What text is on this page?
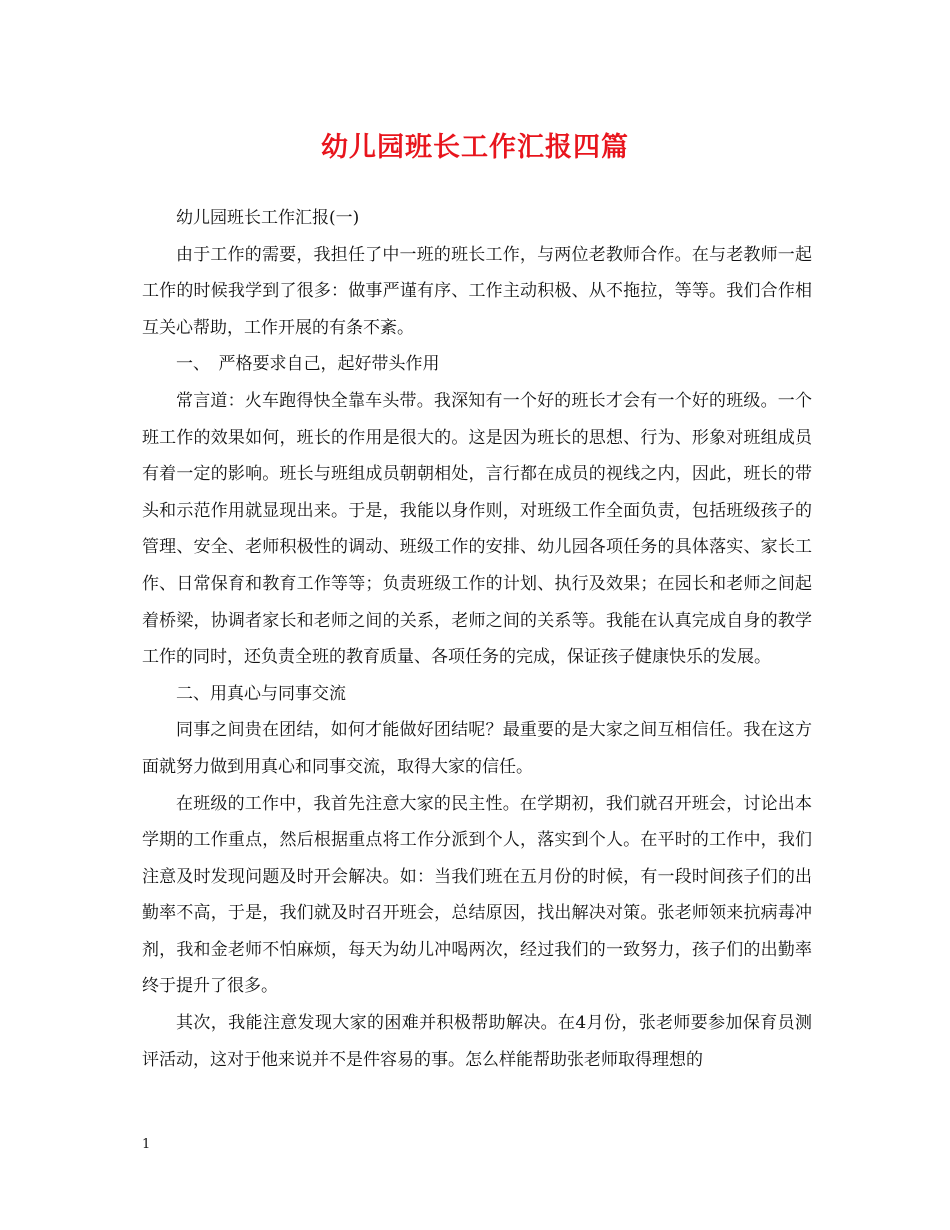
幼儿园班长工作汇报四篇

幼儿园班长工作汇报(一)

由于工作的需要，我担任了中一班的班长工作，与两位老教师合作。在与老教师一起工作的时候我学到了很多：做事严谨有序、工作主动积极、从不拖拉，等等。我们合作相互关心帮助，工作开展的有条不紊。

一、　严格要求自己，起好带头作用

常言道：火车跑得快全靠车头带。我深知有一个好的班长才会有一个好的班级。一个班工作的效果如何，班长的作用是很大的。这是因为班长的思想、行为、形象对班组成员有着一定的影响。班长与班组成员朝朝相处，言行都在成员的视线之内，因此，班长的带头和示范作用就显现出来。于是，我能以身作则，对班级工作全面负责，包括班级孩子的管理、安全、老师积极性的调动、班级工作的安排、幼儿园各项任务的具体落实、家长工作、日常保育和教育工作等等；负责班级工作的计划、执行及效果；在园长和老师之间起着桥梁，协调者家长和老师之间的关系，老师之间的关系等。我能在认真完成自身的教学工作的同时，还负责全班的教育质量、各项任务的完成，保证孩子健康快乐的发展。

二、用真心与同事交流

同事之间贵在团结，如何才能做好团结呢？最重要的是大家之间互相信任。我在这方面就努力做到用真心和同事交流，取得大家的信任。

在班级的工作中，我首先注意大家的民主性。在学期初，我们就召开班会，讨论出本学期的工作重点，然后根据重点将工作分派到个人，落实到个人。在平时的工作中，我们注意及时发现问题及时开会解决。如：当我们班在五月份的时候，有一段时间孩子们的出勤率不高，于是，我们就及时召开班会，总结原因，找出解决对策。张老师领来抗病毒冲剂，我和金老师不怕麻烦，每天为幼儿冲喝两次，经过我们的一致努力，孩子们的出勤率终于提升了很多。

其次，我能注意发现大家的困难并积极帮助解决。在4月份，张老师要参加保育员测评活动，这对于他来说并不是件容易的事。怎么样能帮助张老师取得理想的

1
